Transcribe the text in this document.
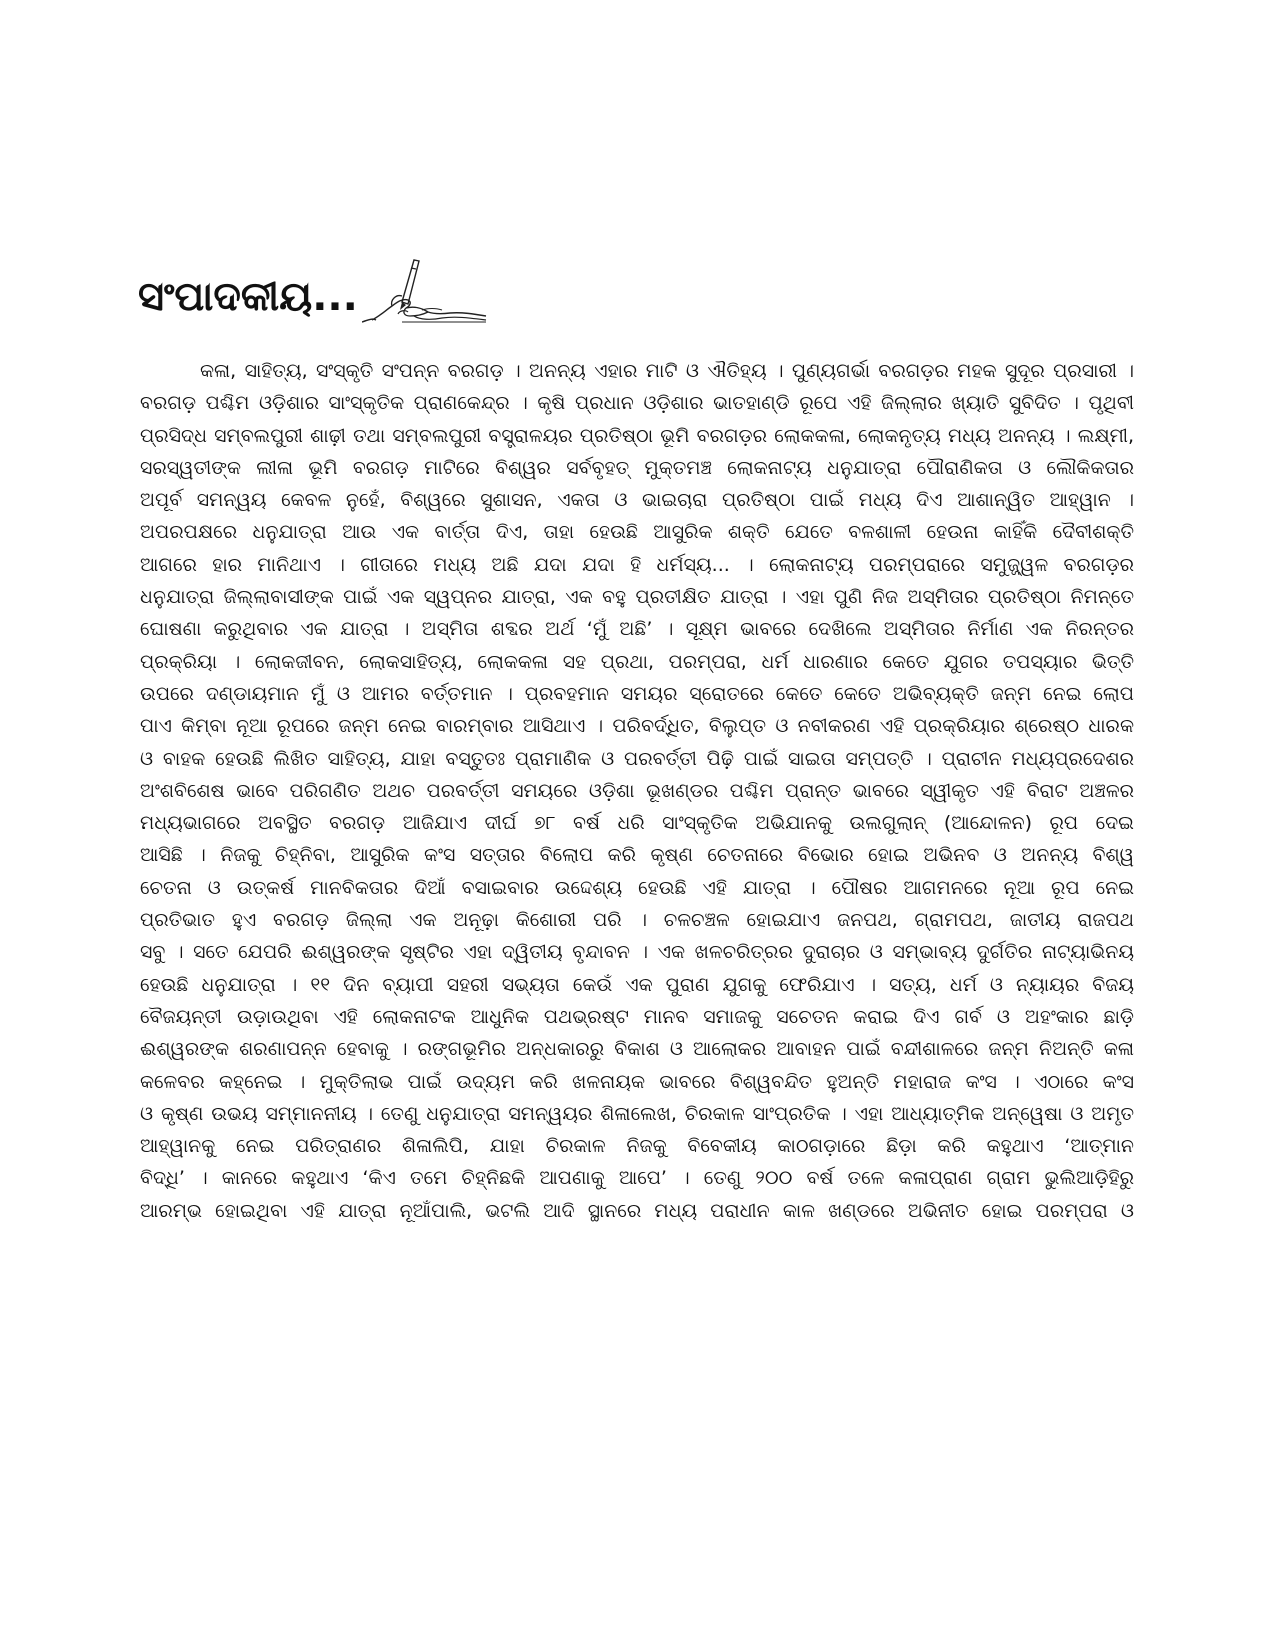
ସଂପାଦକୀୟ...
କଳା, ସାହିତ୍ୟ, ସଂସ୍କୃତି ସଂପନ୍ନ ବରଗଡ଼ । ଅନନ୍ୟ ଏହାର ମାଟି ଓ ଐତିହ୍ୟ । ପୁଣ୍ୟଗର୍ଭା ବରଗଡ଼ର ମହକ ସୁଦୂର ପ୍ରସାରୀ ।
ବରଗଡ଼ ପଶ୍ଚିମ ଓଡ଼ିଶାର ସାଂସ୍କୃତିକ ପ୍ରାଣକେନ୍ଦ୍ର । କୃଷି ପ୍ରଧାନ ଓଡ଼ିଶାର ଭାତହାଣ୍ଡି ରୂପେ ଏହି ଜିଲ୍ଲାର ଖ୍ୟାତି ସୁବିଦିତ । ପୃଥିବୀ
ପ୍ରସିଦ୍ଧ ସମ୍ବଲପୁରୀ ଶାଢ଼ୀ ତଥା ସମ୍ବଲପୁରୀ ବସ୍ତ୍ରାଳୟର ପ୍ରତିଷ୍ଠା ଭୂମି ବରଗଡ଼ର ଲୋକକଳା, ଲୋକନୃତ୍ୟ ମଧ୍ୟ ଅନନ୍ୟ । ଲକ୍ଷ୍ମୀ,
ସରସ୍ୱତୀଙ୍କ ଲୀଳା ଭୂମି ବରଗଡ଼ ମାଟିରେ ବିଶ୍ୱର ସର୍ବବୃହତ୍ ମୁକ୍ତମଞ୍ଚ ଲୋକନାଟ୍ୟ ଧନୁଯାତ୍ରା ପୌରାଣିକତା ଓ ଲୌକିକତାର
ଅପୂର୍ବ ସମନ୍ୱୟ କେବଳ ନୁହେଁ, ବିଶ୍ୱରେ ସୁଶାସନ, ଏକତା ଓ ଭାଇଚାରା ପ୍ରତିଷ୍ଠା ପାଇଁ ମଧ୍ୟ ଦିଏ ଆଶାନ୍ୱିତ ଆହ୍ୱାନ ।
ଅପରପକ୍ଷରେ ଧନୁଯାତ୍ରା ଆଉ ଏକ ବାର୍ତ୍ତା ଦିଏ, ତାହା ହେଉଛି ଆସୁରିକ ଶକ୍ତି ଯେତେ ବଳଶାଳୀ ହେଉନା କାହିଁକି ଦୈବୀଶକ୍ତି
ଆଗରେ ହାର ମାନିଥାଏ । ଗୀତାରେ ମଧ୍ୟ ଅଛି ଯଦା ଯଦା ହି ଧର୍ମସ୍ୟ... । ଲୋକନାଟ୍ୟ ପରମ୍ପରାରେ ସମୁଜ୍ଜ୍ୱଳ ବରଗଡ଼ର
ଧନୁଯାତ୍ରା ଜିଲ୍ଲାବାସୀଙ୍କ ପାଇଁ ଏକ ସ୍ୱପ୍ନର ଯାତ୍ରା, ଏକ ବହୁ ପ୍ରତୀକ୍ଷିତ ଯାତ୍ରା । ଏହା ପୁଣି ନିଜ ଅସ୍ମିତାର ପ୍ରତିଷ୍ଠା ନିମନ୍ତେ
ଘୋଷଣା କରୁଥିବାର ଏକ ଯାତ୍ରା । ଅସ୍ମିତା ଶବ୍ଦର ଅର୍ଥ ‘ମୁଁ ଅଛି’ । ସୂକ୍ଷ୍ମ ଭାବରେ ଦେଖିଲେ ଅସ୍ମିତାର ନିର୍ମାଣ ଏକ ନିରନ୍ତର
ପ୍ରକ୍ରିୟା । ଲୋକଜୀବନ, ଲୋକସାହିତ୍ୟ, ଲୋକକଳା ସହ ପ୍ରଥା, ପରମ୍ପରା, ଧର୍ମ ଧାରଣାର କେତେ ଯୁଗର ତପସ୍ୟାର ଭିତ୍ତି
ଉପରେ ଦଣ୍ଡାୟମାନ ମୁଁ ଓ ଆମର ବର୍ତ୍ତମାନ । ପ୍ରବହମାନ ସମୟର ସ୍ରୋତରେ କେତେ କେତେ ଅଭିବ୍ୟକ୍ତି ଜନ୍ମ ନେଇ ଲୋପ
ପାଏ କିମ୍ବା ନୂଆ ରୂପରେ ଜନ୍ମ ନେଇ ବାରମ୍ବାର ଆସିଥାଏ । ପରିବର୍ଦ୍ଧିତ, ବିଲୁପ୍ତ ଓ ନବୀକରଣ ଏହି ପ୍ରକ୍ରିୟାର ଶ୍ରେଷ୍ଠ ଧାରକ
ଓ ବାହକ ହେଉଛି ଲିଖିତ ସାହିତ୍ୟ, ଯାହା ବସ୍ତୁତଃ ପ୍ରାମାଣିକ ଓ ପରବର୍ତ୍ତୀ ପିଢ଼ି ପାଇଁ ସାଇତା ସମ୍ପତ୍ତି । ପ୍ରାଚୀନ ମଧ୍ୟପ୍ରଦେଶର
ଅଂଶବିଶେଷ ଭାବେ ପରିଗଣିତ ଅଥଚ ପରବର୍ତ୍ତୀ ସମୟରେ ଓଡ଼ିଶା ଭୂଖଣ୍ଡର ପଶ୍ଚିମ ପ୍ରାନ୍ତ ଭାବରେ ସ୍ୱୀକୃତ ଏହି ବିରାଟ ଅଞ୍ଚଳର
ମଧ୍ୟଭାଗରେ ଅବସ୍ଥିତ ବରଗଡ଼ ଆଜିଯାଏ ଦୀର୍ଘ ୭୮ ବର୍ଷ ଧରି ସାଂସ୍କୃତିକ ଅଭିଯାନକୁ ଉଲଗୁଲାନ୍ (ଆନ୍ଦୋଳନ) ରୂପ ଦେଇ
ଆସିଛି । ନିଜକୁ ଚିହ୍ନିବା, ଆସୁରିକ କଂସ ସତ୍ତାର ବିଲୋପ କରି କୃଷ୍ଣ ଚେତନାରେ ବିଭୋର ହୋଇ ଅଭିନବ ଓ ଅନନ୍ୟ ବିଶ୍ୱ
ଚେତନା ଓ ଉତ୍କର୍ଷ ମାନବିକତାର ଦିଆଁ ବସାଇବାର ଉଦ୍ଦେଶ୍ୟ ହେଉଛି ଏହି ଯାତ୍ରା । ପୌଷର ଆଗମନରେ ନୂଆ ରୂପ ନେଇ
ପ୍ରତିଭାତ ହୁଏ ବରଗଡ଼ ଜିଲ୍ଲା ଏକ ଅନୂଢ଼ା କିଶୋରୀ ପରି । ଚଳଚଞ୍ଚଳ ହୋଇଯାଏ ଜନପଥ, ଗ୍ରାମପଥ, ଜାତୀୟ ରାଜପଥ
ସବୁ । ସତେ ଯେପରି ଈଶ୍ୱରଙ୍କ ସୃଷ୍ଟିର ଏହା ଦ୍ୱିତୀୟ ବୃନ୍ଦାବନ । ଏକ ଖଳଚରିତ୍ରର ଦୁରାଚାର ଓ ସମ୍ଭାବ୍ୟ ଦୁର୍ଗତିର ନାଟ୍ୟାଭିନୟ
ହେଉଛି ଧନୁଯାତ୍ରା । ୧୧ ଦିନ ବ୍ୟାପୀ ସହରୀ ସଭ୍ୟତା କେଉଁ ଏକ ପୁରାଣ ଯୁଗକୁ ଫେରିଯାଏ । ସତ୍ୟ, ଧର୍ମ ଓ ନ୍ୟାୟର ବିଜୟ
ବୈଜୟନ୍ତୀ ଉଡ଼ାଉଥିବା ଏହି ଲୋକନାଟକ ଆଧୁନିକ ପଥଭ୍ରଷ୍ଟ ମାନବ ସମାଜକୁ ସଚେତନ କରାଇ ଦିଏ ଗର୍ବ ଓ ଅହଂକାର ଛାଡ଼ି
ଈଶ୍ୱରଙ୍କ ଶରଣାପନ୍ନ ହେବାକୁ । ରଙ୍ଗଭୂମିର ଅନ୍ଧକାରରୁ ବିକାଶ ଓ ଆଲୋକର ଆବାହନ ପାଇଁ ବନ୍ଦୀଶାଳରେ ଜନ୍ମ ନିଅନ୍ତି କଳା
କଳେବର କହ୍ନେଇ । ମୁକ୍ତିଲାଭ ପାଇଁ ଉଦ୍ୟମ କରି ଖଳନାୟକ ଭାବରେ ବିଶ୍ୱବନ୍ଦିତ ହୁଅନ୍ତି ମହାରାଜ କଂସ । ଏଠାରେ କଂସ
ଓ କୃଷ୍ଣ ଉଭୟ ସମ୍ମାନନୀୟ । ତେଣୁ ଧନୁଯାତ୍ରା ସମନ୍ୱୟର ଶିଳାଲେଖ, ଚିରକାଳ ସାଂପ୍ରତିକ । ଏହା ଆଧ୍ୟାତ୍ମିକ ଅନ୍ୱେଷା ଓ ଅମୃତ
ଆହ୍ୱାନକୁ ନେଇ ପରିତ୍ରାଣର ଶିଳାଲିପି, ଯାହା ଚିରକାଳ ନିଜକୁ ବିବେକୀୟ କାଠଗଡ଼ାରେ ଛିଡ଼ା କରି କହୁଥାଏ ‘ଆତ୍ମାନ
ବିଦ୍ଧି’ । କାନରେ କହୁଥାଏ ‘କିଏ ତମେ ଚିହ୍ନିଛକି ଆପଣାକୁ ଆପେ’ । ତେଣୁ ୨୦୦ ବର୍ଷ ତଳେ କଳାପ୍ରାଣ ଗ୍ରାମ ଭୁଲିଆଡ଼ିହିରୁ
ଆରମ୍ଭ ହୋଇଥିବା ଏହି ଯାତ୍ରା ନୂଆଁପାଲି, ଭଟଲି ଆଦି ସ୍ଥାନରେ ମଧ୍ୟ ପରାଧୀନ କାଳ ଖଣ୍ଡରେ ଅଭିନୀତ ହୋଇ ପରମ୍ପରା ଓ
